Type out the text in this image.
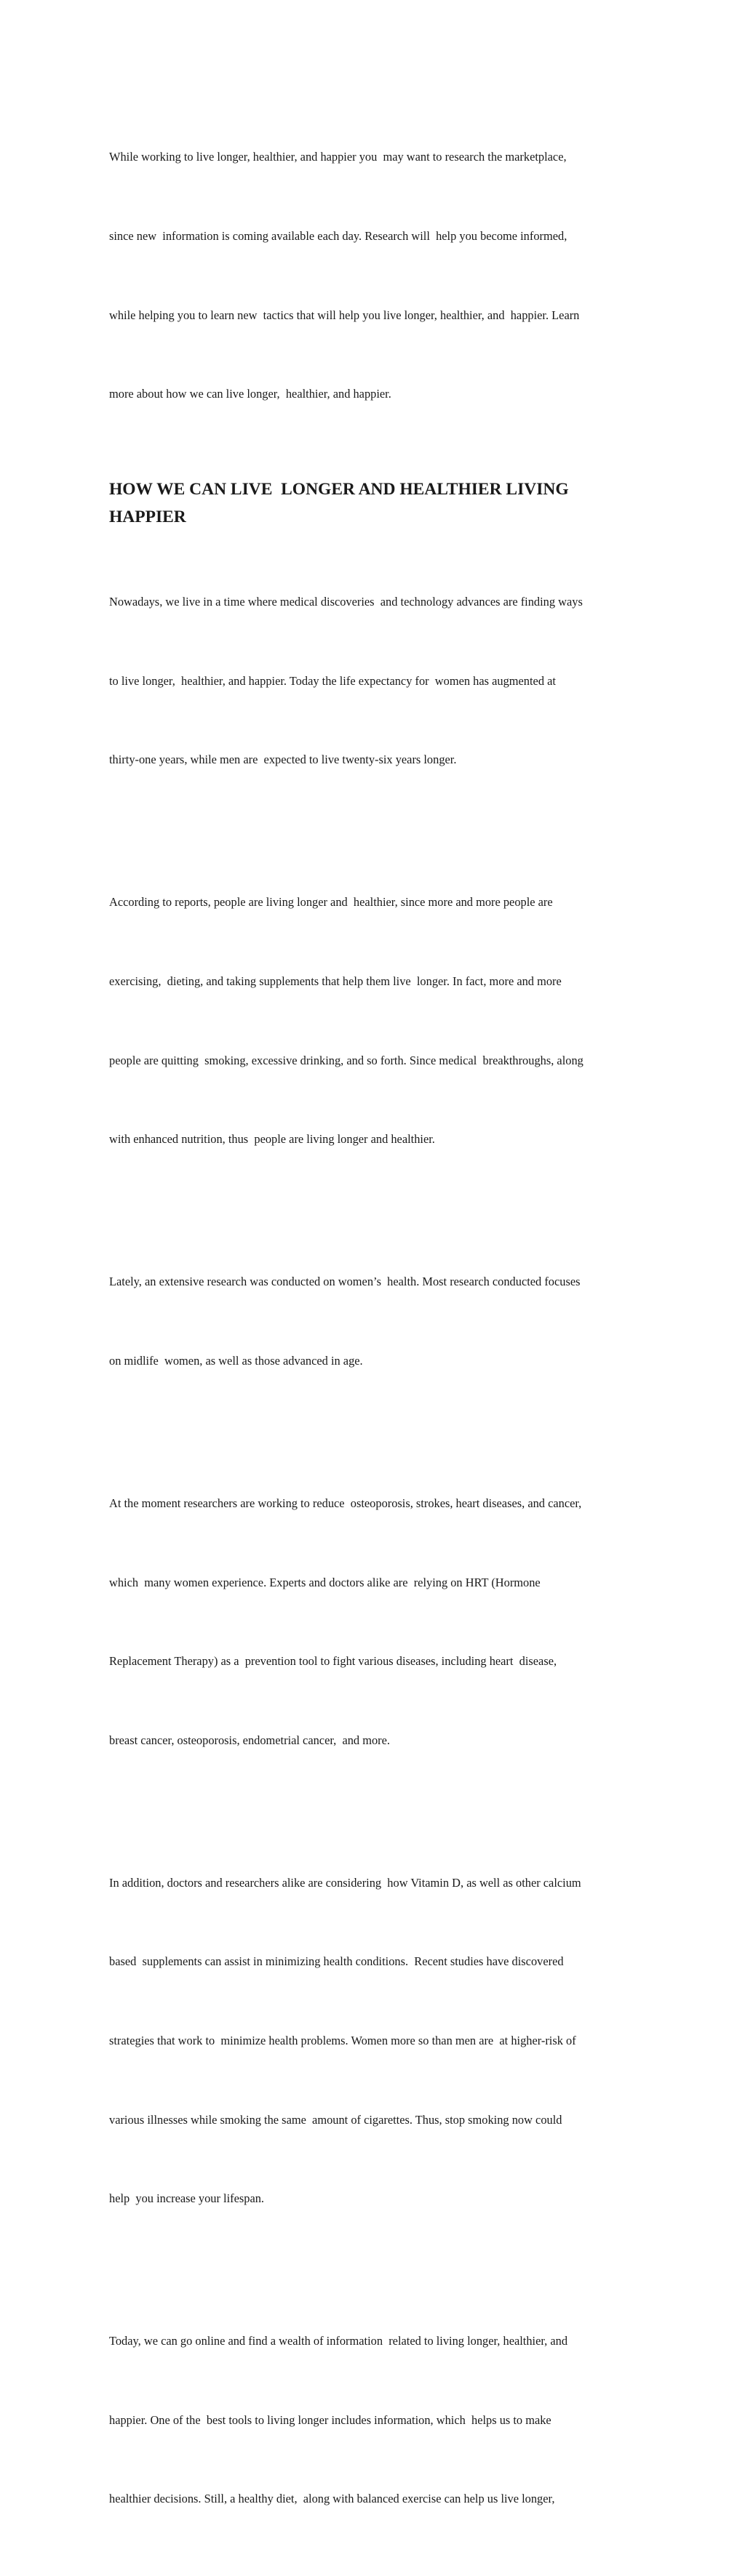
While working to live longer, healthier, and happier you  may want to research the marketplace,

since new  information is coming available each day. Research will  help you become informed,

while helping you to learn new  tactics that will help you live longer, healthier, and  happier. Learn

more about how we can live longer,  healthier, and happier.

HOW WE CAN LIVE  LONGER AND HEALTHIER LIVING
HAPPIER

Nowadays, we live in a time where medical discoveries  and technology advances are finding ways

to live longer,  healthier, and happier. Today the life expectancy for  women has augmented at

thirty-one years, while men are  expected to live twenty-six years longer.

According to reports, people are living longer and  healthier, since more and more people are

exercising,  dieting, and taking supplements that help them live  longer. In fact, more and more

people are quitting  smoking, excessive drinking, and so forth. Since medical  breakthroughs, along

with enhanced nutrition, thus  people are living longer and healthier.

Lately, an extensive research was conducted on women’s  health. Most research conducted focuses

on midlife  women, as well as those advanced in age.

At the moment researchers are working to reduce  osteoporosis, strokes, heart diseases, and cancer,

which  many women experience. Experts and doctors alike are  relying on HRT (Hormone

Replacement Therapy) as a  prevention tool to fight various diseases, including heart  disease,

breast cancer, osteoporosis, endometrial cancer,  and more.

In addition, doctors and researchers alike are considering  how Vitamin D, as well as other calcium

based  supplements can assist in minimizing health conditions.  Recent studies have discovered

strategies that work to  minimize health problems. Women more so than men are  at higher-risk of

various illnesses while smoking the same  amount of cigarettes. Thus, stop smoking now could

help  you increase your lifespan.

Today, we can go online and find a wealth of information  related to living longer, healthier, and

happier. One of the  best tools to living longer includes information, which  helps us to make

healthier decisions. Still, a healthy diet,  along with balanced exercise can help us live longer,
